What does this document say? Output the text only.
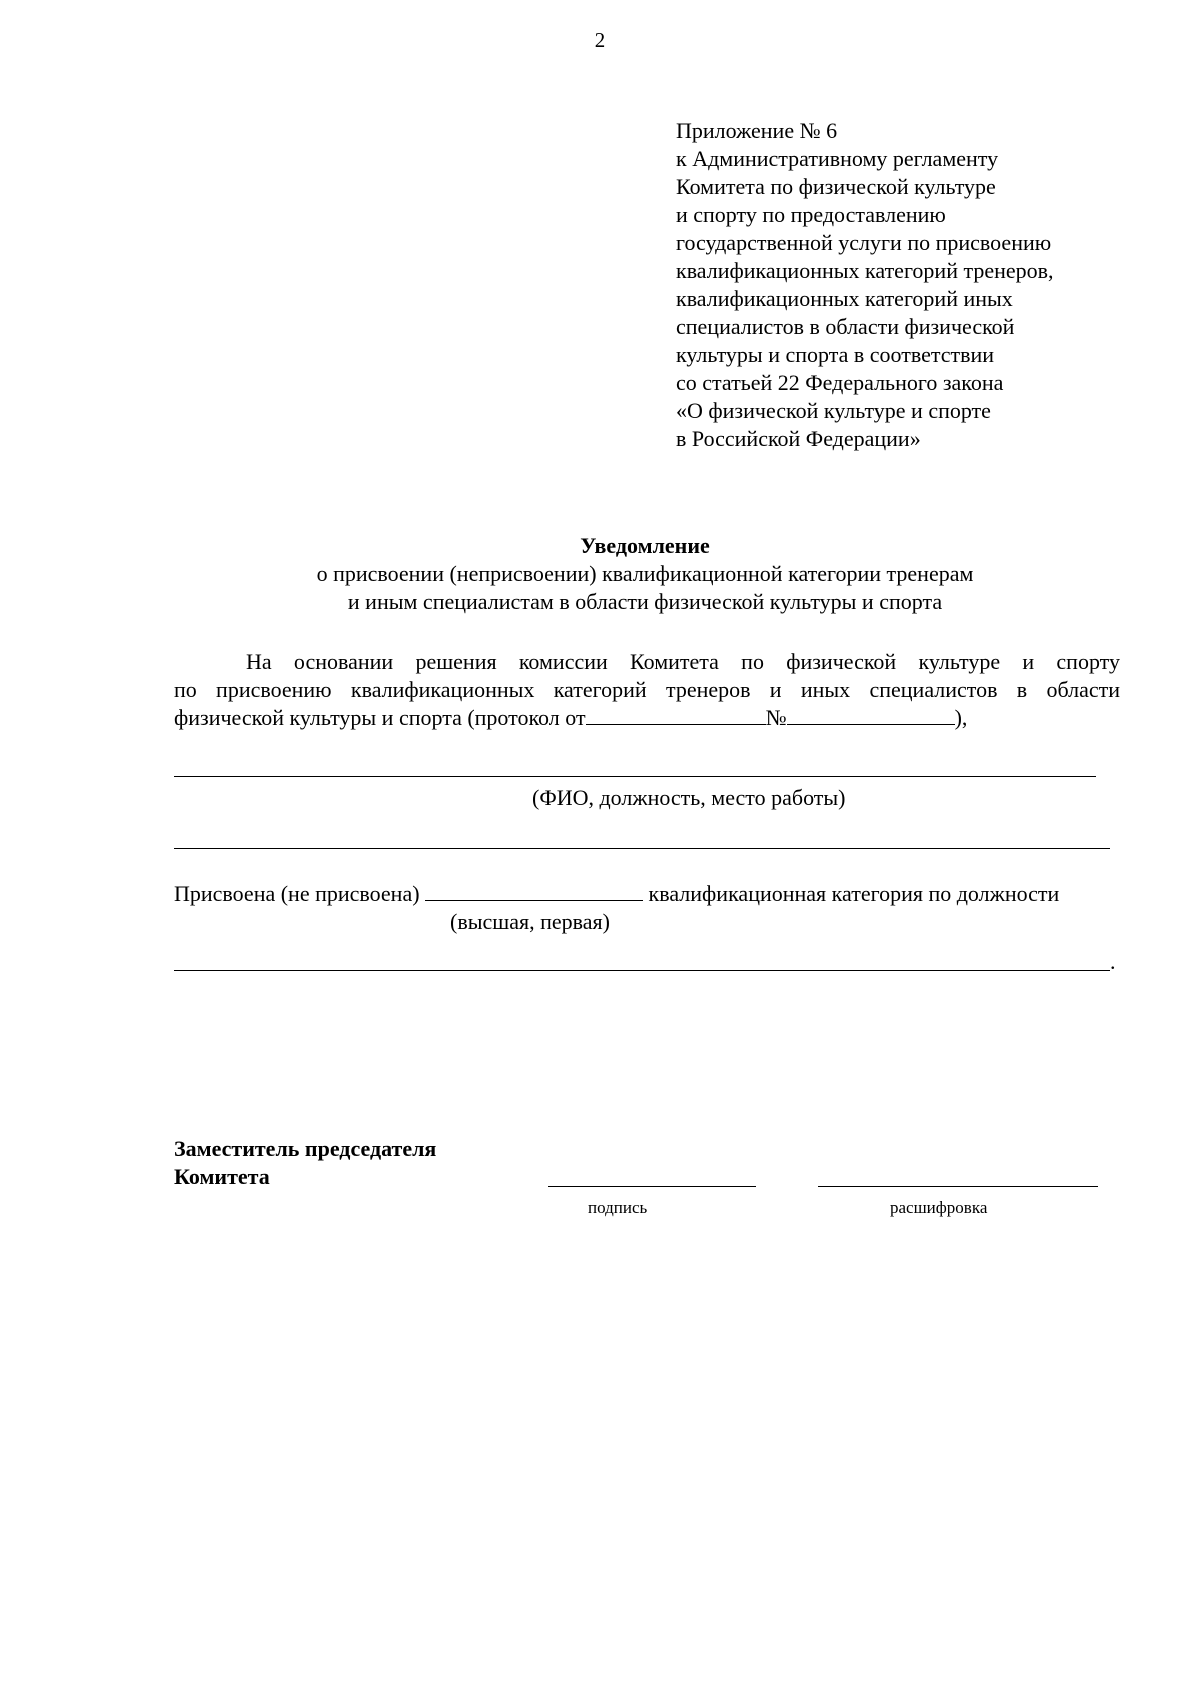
2
Приложение № 6
к Административному регламенту
Комитета по физической культуре
и спорту по предоставлению
государственной услуги по присвоению
квалификационных категорий тренеров,
квалификационных категорий иных
специалистов в области физической
культуры и спорта в соответствии
со статьей 22 Федерального закона
«О физической культуре и спорте
в Российской Федерации»
Уведомление
о присвоении (неприсвоении) квалификационной категории тренерам
и иным специалистам в области физической культуры и спорта
На основании решения комиссии Комитета по физической культуре и спорту
по присвоению квалификационных категорий тренеров и иных специалистов в области
физической культуры и спорта (протокол от	№	),
(ФИО, должность, место работы)
Присвоена (не присвоена)	квалификационная категория по должности
(высшая, первая)
.
Заместитель председателя
Комитета
подпись	расшифровка
